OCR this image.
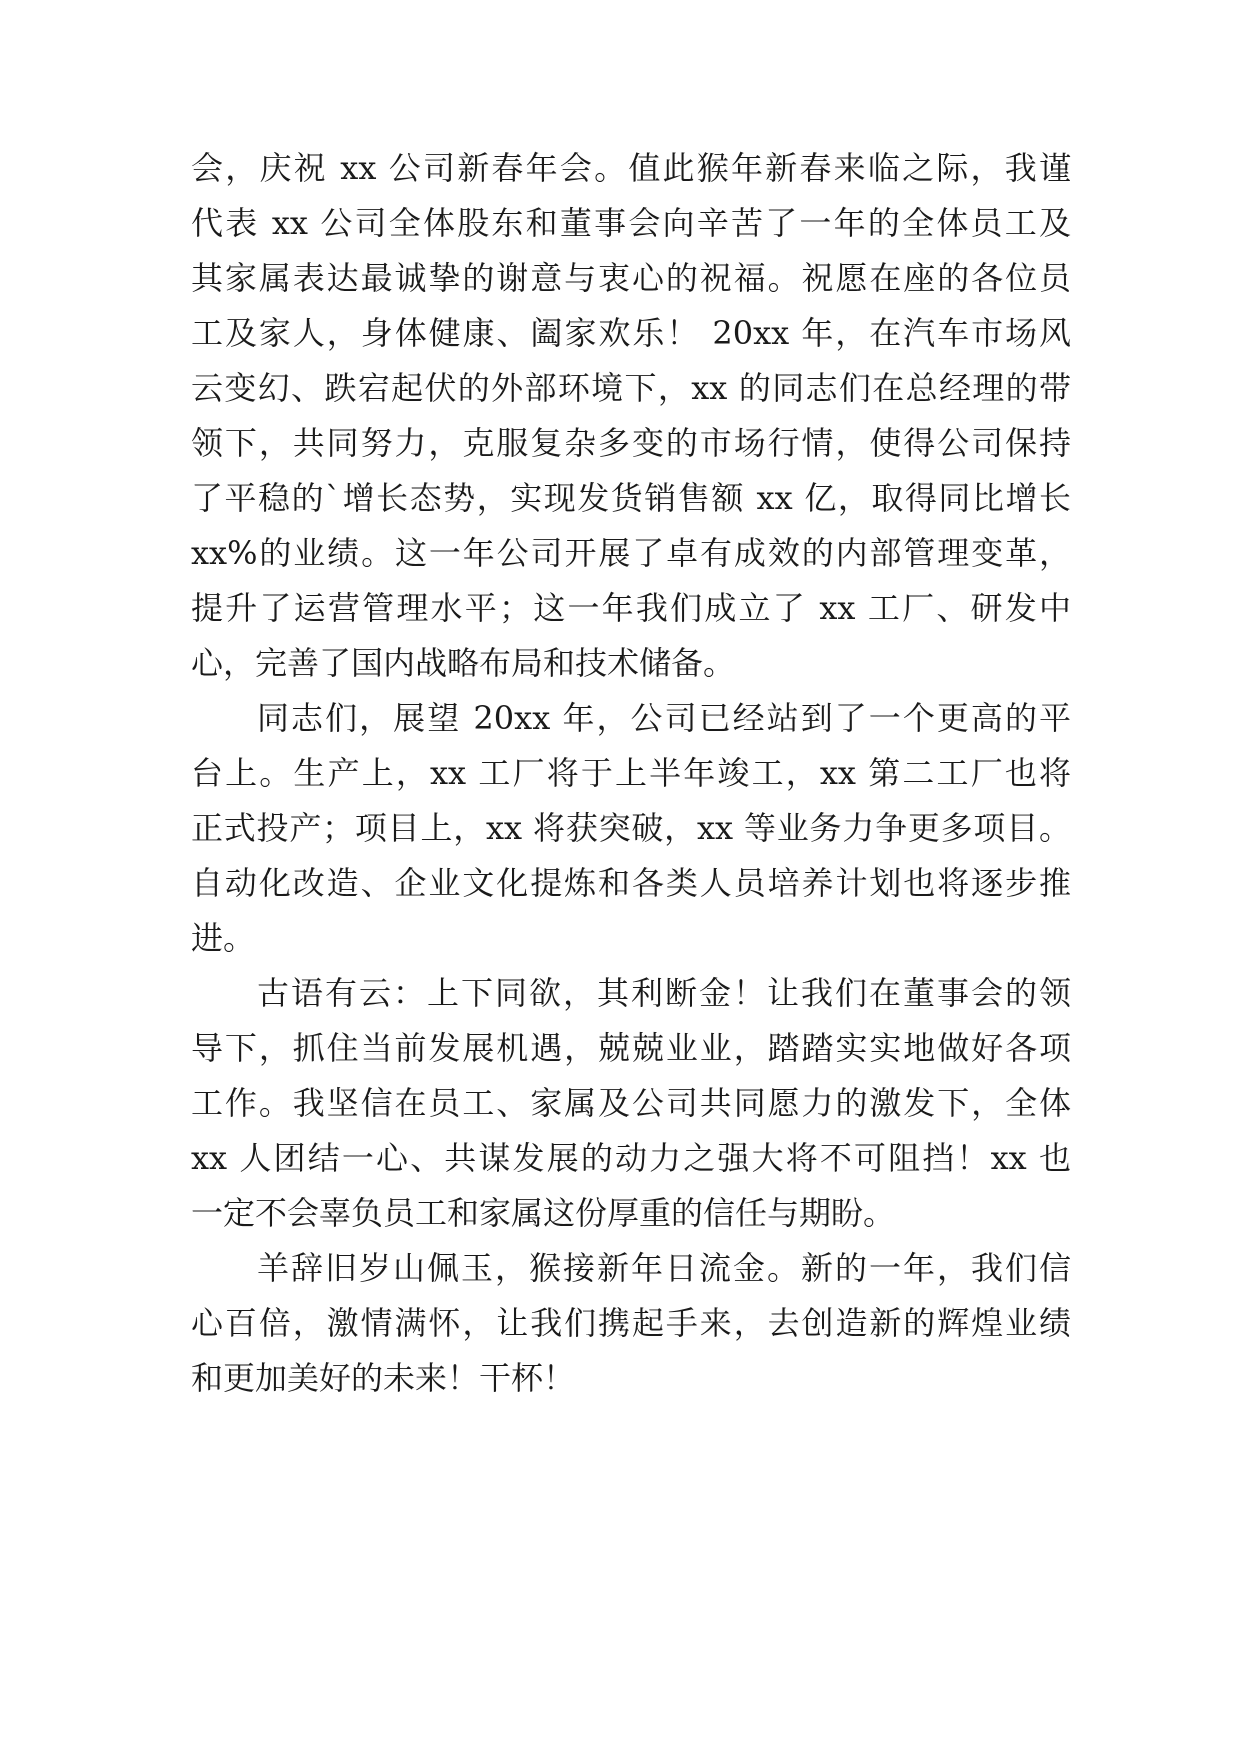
会，庆祝 xx 公司新春年会。值此猴年新春来临之际，我谨
代表 xx 公司全体股东和董事会向辛苦了一年的全体员工及
其家属表达最诚挚的谢意与衷心的祝福。祝愿在座的各位员
工及家人，身体健康、阖家欢乐！ 20xx 年，在汽车市场风
云变幻、跌宕起伏的外部环境下，xx 的同志们在总经理的带
领下，共同努力，克服复杂多变的市场行情，使得公司保持
了平稳的`增长态势，实现发货销售额 xx 亿，取得同比增长
xx%的业绩。这一年公司开展了卓有成效的内部管理变革，
提升了运营管理水平；这一年我们成立了 xx 工厂、研发中
心，完善了国内战略布局和技术储备。
同志们，展望 20xx 年，公司已经站到了一个更高的平
台上。生产上，xx 工厂将于上半年竣工，xx 第二工厂也将
正式投产；项目上，xx 将获突破，xx 等业务力争更多项目。
自动化改造、企业文化提炼和各类人员培养计划也将逐步推
进。
古语有云：上下同欲，其利断金！让我们在董事会的领
导下，抓住当前发展机遇，兢兢业业，踏踏实实地做好各项
工作。我坚信在员工、家属及公司共同愿力的激发下，全体
xx 人团结一心、共谋发展的动力之强大将不可阻挡！xx 也
一定不会辜负员工和家属这份厚重的信任与期盼。
羊辞旧岁山佩玉，猴接新年日流金。新的一年，我们信
心百倍，激情满怀，让我们携起手来，去创造新的辉煌业绩
和更加美好的未来！干杯！
